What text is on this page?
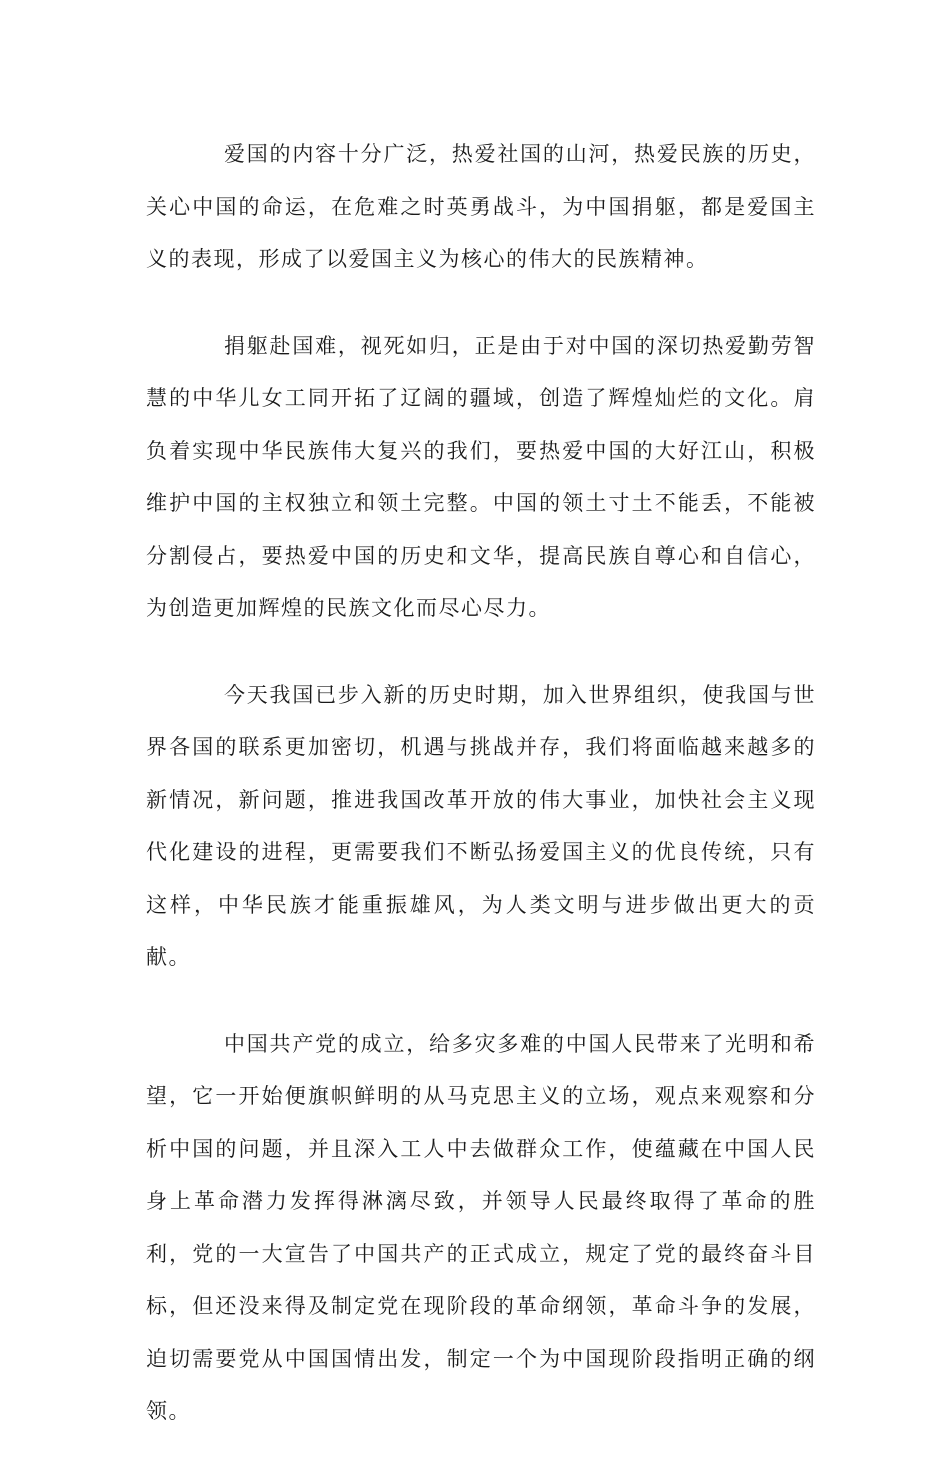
爱国的内容十分广泛，热爱社国的山河，热爱民族的历史，关心中国的命运，在危难之时英勇战斗，为中国捐躯，都是爱国主义的表现，形成了以爱国主义为核心的伟大的民族精神。

捐躯赴国难，视死如归，正是由于对中国的深切热爱勤劳智慧的中华儿女工同开拓了辽阔的疆域，创造了辉煌灿烂的文化。肩负着实现中华民族伟大复兴的我们，要热爱中国的大好江山，积极维护中国的主权独立和领土完整。中国的领土寸土不能丢，不能被分割侵占，要热爱中国的历史和文华，提高民族自尊心和自信心，为创造更加辉煌的民族文化而尽心尽力。

今天我国已步入新的历史时期，加入世界组织，使我国与世界各国的联系更加密切，机遇与挑战并存，我们将面临越来越多的新情况，新问题，推进我国改革开放的伟大事业，加快社会主义现代化建设的进程，更需要我们不断弘扬爱国主义的优良传统，只有这样，中华民族才能重振雄风，为人类文明与进步做出更大的贡献。

中国共产党的成立，给多灾多难的中国人民带来了光明和希望，它一开始便旗帜鲜明的从马克思主义的立场，观点来观察和分析中国的问题，并且深入工人中去做群众工作，使蕴藏在中国人民身上革命潜力发挥得淋漓尽致，并领导人民最终取得了革命的胜利，党的一大宣告了中国共产的正式成立，规定了党的最终奋斗目标，但还没来得及制定党在现阶段的革命纲领，革命斗争的发展，迫切需要党从中国国情出发，制定一个为中国现阶段指明正确的纲领。
